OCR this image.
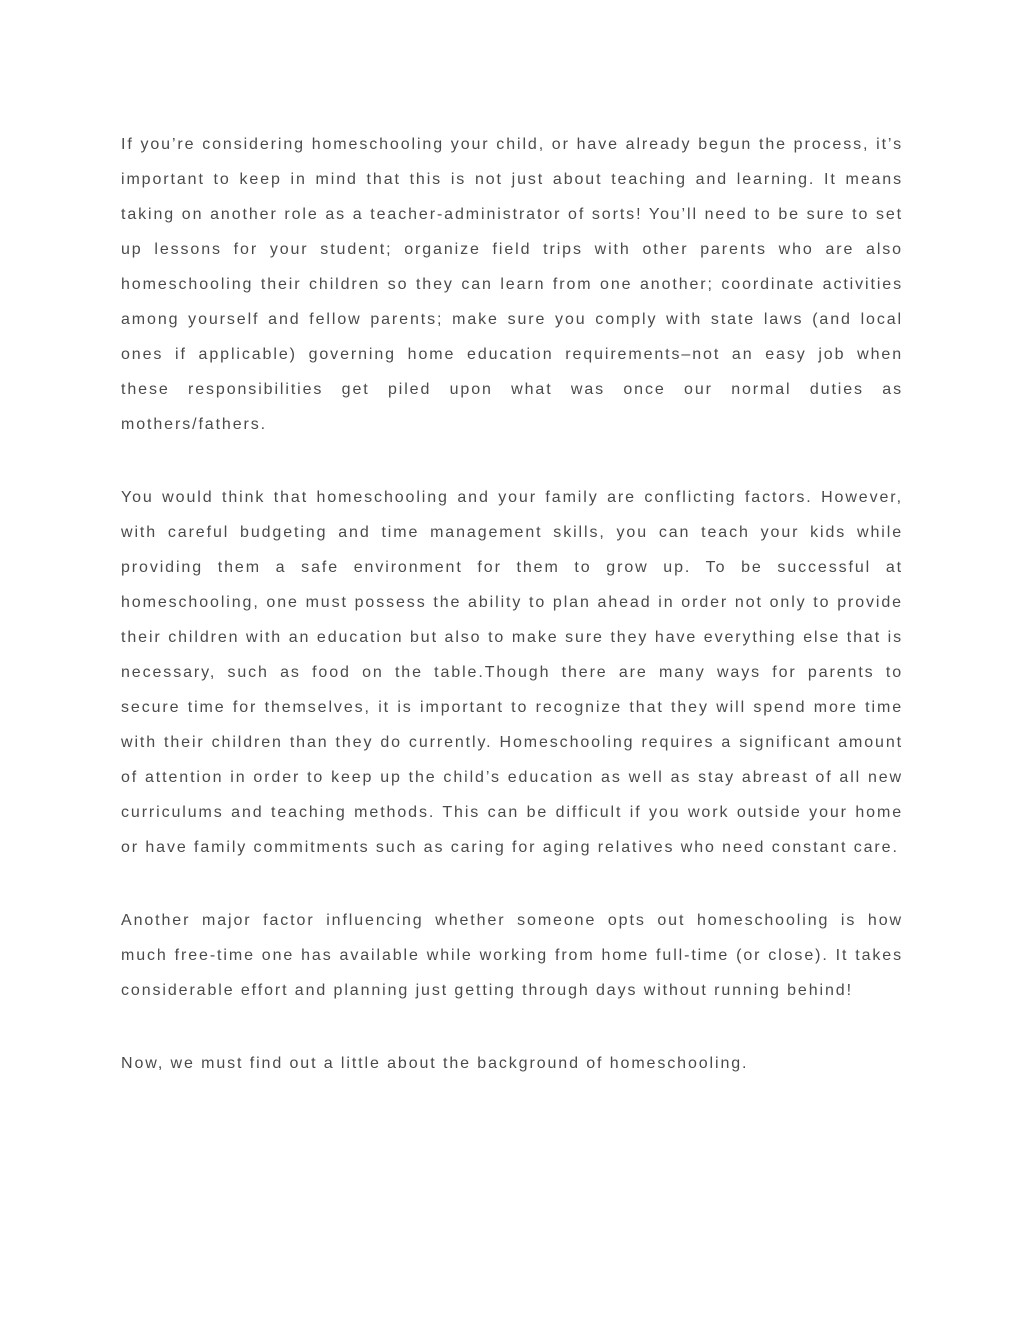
If you’re considering homeschooling your child, or have already begun the process, it’s important to keep in mind that this is not just about teaching and learning. It means taking on another role as a teacher-administrator of sorts! You’ll need to be sure to set up lessons for your student; organize field trips with other parents who are also homeschooling their children so they can learn from one another; coordinate activities among yourself and fellow parents; make sure you comply with state laws (and local ones if applicable) governing home education requirements–not an easy job when these responsibilities get piled upon what was once our normal duties as mothers/fathers.

You would think that homeschooling and your family are conflicting factors. However, with careful budgeting and time management skills, you can teach your kids while providing them a safe environment for them to grow up. To be successful at homeschooling, one must possess the ability to plan ahead in order not only to provide their children with an education but also to make sure they have everything else that is necessary, such as food on the table.Though there are many ways for parents to secure time for themselves, it is important to recognize that they will spend more time with their children than they do currently. Homeschooling requires a significant amount of attention in order to keep up the child’s education as well as stay abreast of all new curriculums and teaching methods. This can be difficult if you work outside your home or have family commitments such as caring for aging relatives who need constant care.

Another major factor influencing whether someone opts out homeschooling is how much free-time one has available while working from home full-time (or close). It takes considerable effort and planning just getting through days without running behind!

Now, we must find out a little about the background of homeschooling.
